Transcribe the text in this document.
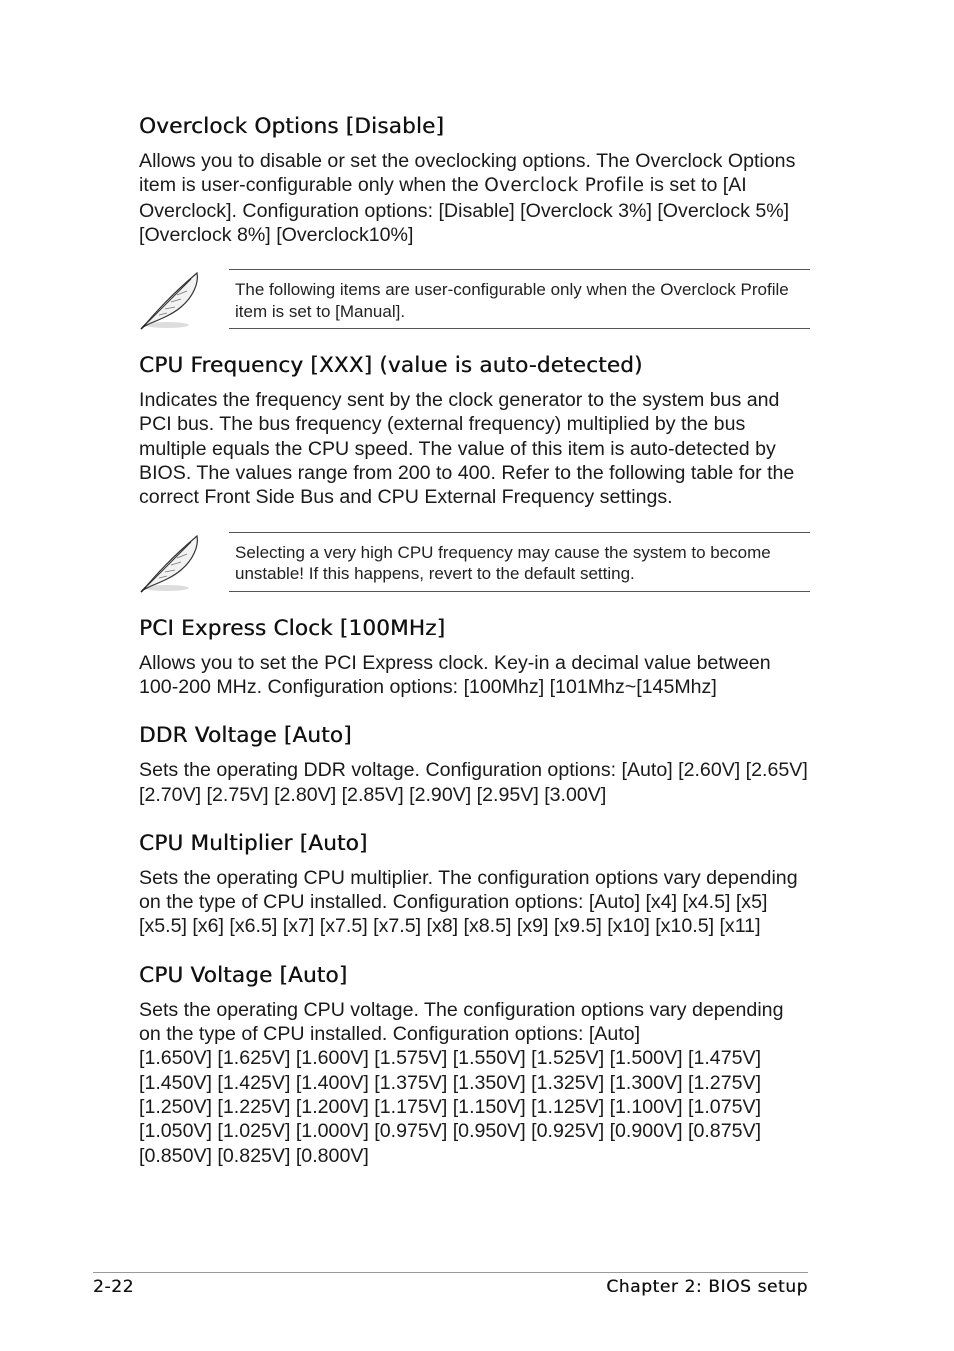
Overclock Options [Disable]

Allows you to disable or set the oveclocking options. The Overclock Options item is user-configurable only when the Overclock Profile is set to [AI Overclock]. Configuration options: [Disable] [Overclock 3%] [Overclock 5%] [Overclock 8%] [Overclock10%]

The following items are user-configurable only when the Overclock Profile item is set to [Manual].
CPU Frequency [XXX] (value is auto-detected)

Indicates the frequency sent by the clock generator to the system bus and PCI bus. The bus frequency (external frequency) multiplied by the bus multiple equals the CPU speed. The value of this item is auto-detected by BIOS. The values range from 200 to 400. Refer to the following table for the correct Front Side Bus and CPU External Frequency settings.

Selecting a very high CPU frequency may cause the system to become unstable! If this happens, revert to the default setting.
PCI Express Clock [100MHz]

Allows you to set the PCI Express clock. Key-in a decimal value between 100-200 MHz. Configuration options: [100Mhz] [101Mhz~[145Mhz]

DDR Voltage [Auto]

Sets the operating DDR voltage. Configuration options: [Auto] [2.60V] [2.65V] [2.70V] [2.75V] [2.80V] [2.85V] [2.90V] [2.95V] [3.00V]

CPU Multiplier [Auto]

Sets the operating CPU multiplier. The configuration options vary depending on the type of CPU installed. Configuration options: [Auto] [x4] [x4.5] [x5] [x5.5] [x6] [x6.5] [x7] [x7.5] [x7.5] [x8] [x8.5] [x9] [x9.5] [x10] [x10.5] [x11]

CPU Voltage [Auto]

Sets the operating CPU voltage. The configuration options vary depending on the type of CPU installed. Configuration options: [Auto]
[1.650V] [1.625V] [1.600V] [1.575V] [1.550V] [1.525V] [1.500V] [1.475V] [1.450V] [1.425V] [1.400V] [1.375V] [1.350V] [1.325V] [1.300V] [1.275V] [1.250V] [1.225V] [1.200V] [1.175V] [1.150V] [1.125V] [1.100V] [1.075V] [1.050V] [1.025V] [1.000V] [0.975V] [0.950V] [0.925V] [0.900V] [0.875V] [0.850V] [0.825V] [0.800V]

2-22	Chapter 2: BIOS setup
